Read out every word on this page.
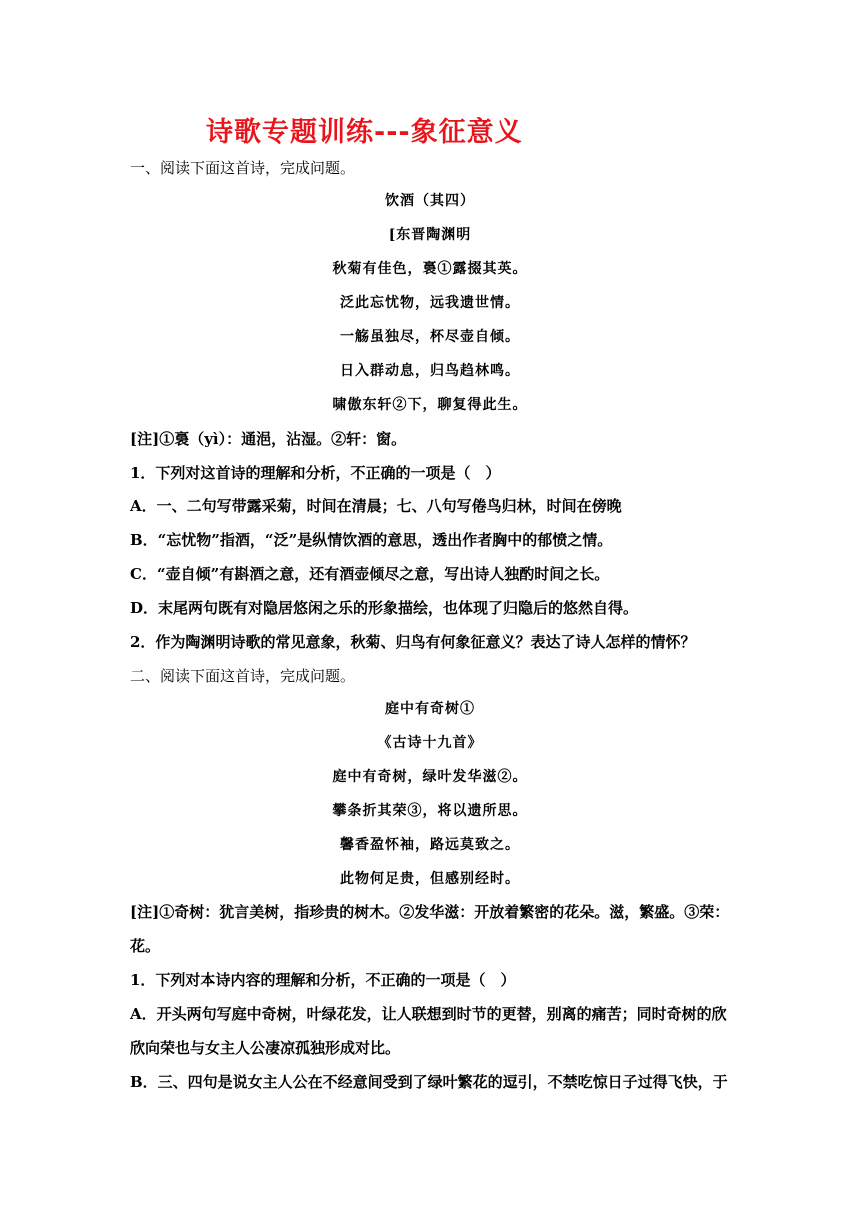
诗歌专题训练---象征意义
一、阅读下面这首诗，完成问题。
饮酒（其四）
[东晋陶渊明
秋菊有佳色，裛①露掇其英。
泛此忘忧物，远我遗世情。
一觞虽独尽，杯尽壶自倾。
日入群动息，归鸟趋林鸣。
啸傲东轩②下，聊复得此生。
[注]①裛（yì）：通浥，沾湿。②轩：窗。
1．下列对这首诗的理解和分析，不正确的一项是（　）
A．一、二句写带露采菊，时间在清晨；七、八句写倦鸟归林，时间在傍晚
B．“忘忧物”指酒，“泛”是纵情饮酒的意思，透出作者胸中的郁愤之情。
C．“壶自倾”有斟酒之意，还有酒壶倾尽之意，写出诗人独酌时间之长。
D．末尾两句既有对隐居悠闲之乐的形象描绘，也体现了归隐后的悠然自得。
2．作为陶渊明诗歌的常见意象，秋菊、归鸟有何象征意义？表达了诗人怎样的情怀？
二、阅读下面这首诗，完成问题。
庭中有奇树①
《古诗十九首》
庭中有奇树，绿叶发华滋②。
攀条折其荣③，将以遗所思。
馨香盈怀袖，路远莫致之。
此物何足贵，但感别经时。
[注]①奇树：犹言美树，指珍贵的树木。②发华滋：开放着繁密的花朵。滋，繁盛。③荣：
花。
1．下列对本诗内容的理解和分析，不正确的一项是（　）
A．开头两句写庭中奇树，叶绿花发，让人联想到时节的更替，别离的痛苦；同时奇树的欣
欣向荣也与女主人公凄凉孤独形成对比。
B．三、四句是说女主人公在不经意间受到了绿叶繁花的逗引，不禁吃惊日子过得飞快，于
